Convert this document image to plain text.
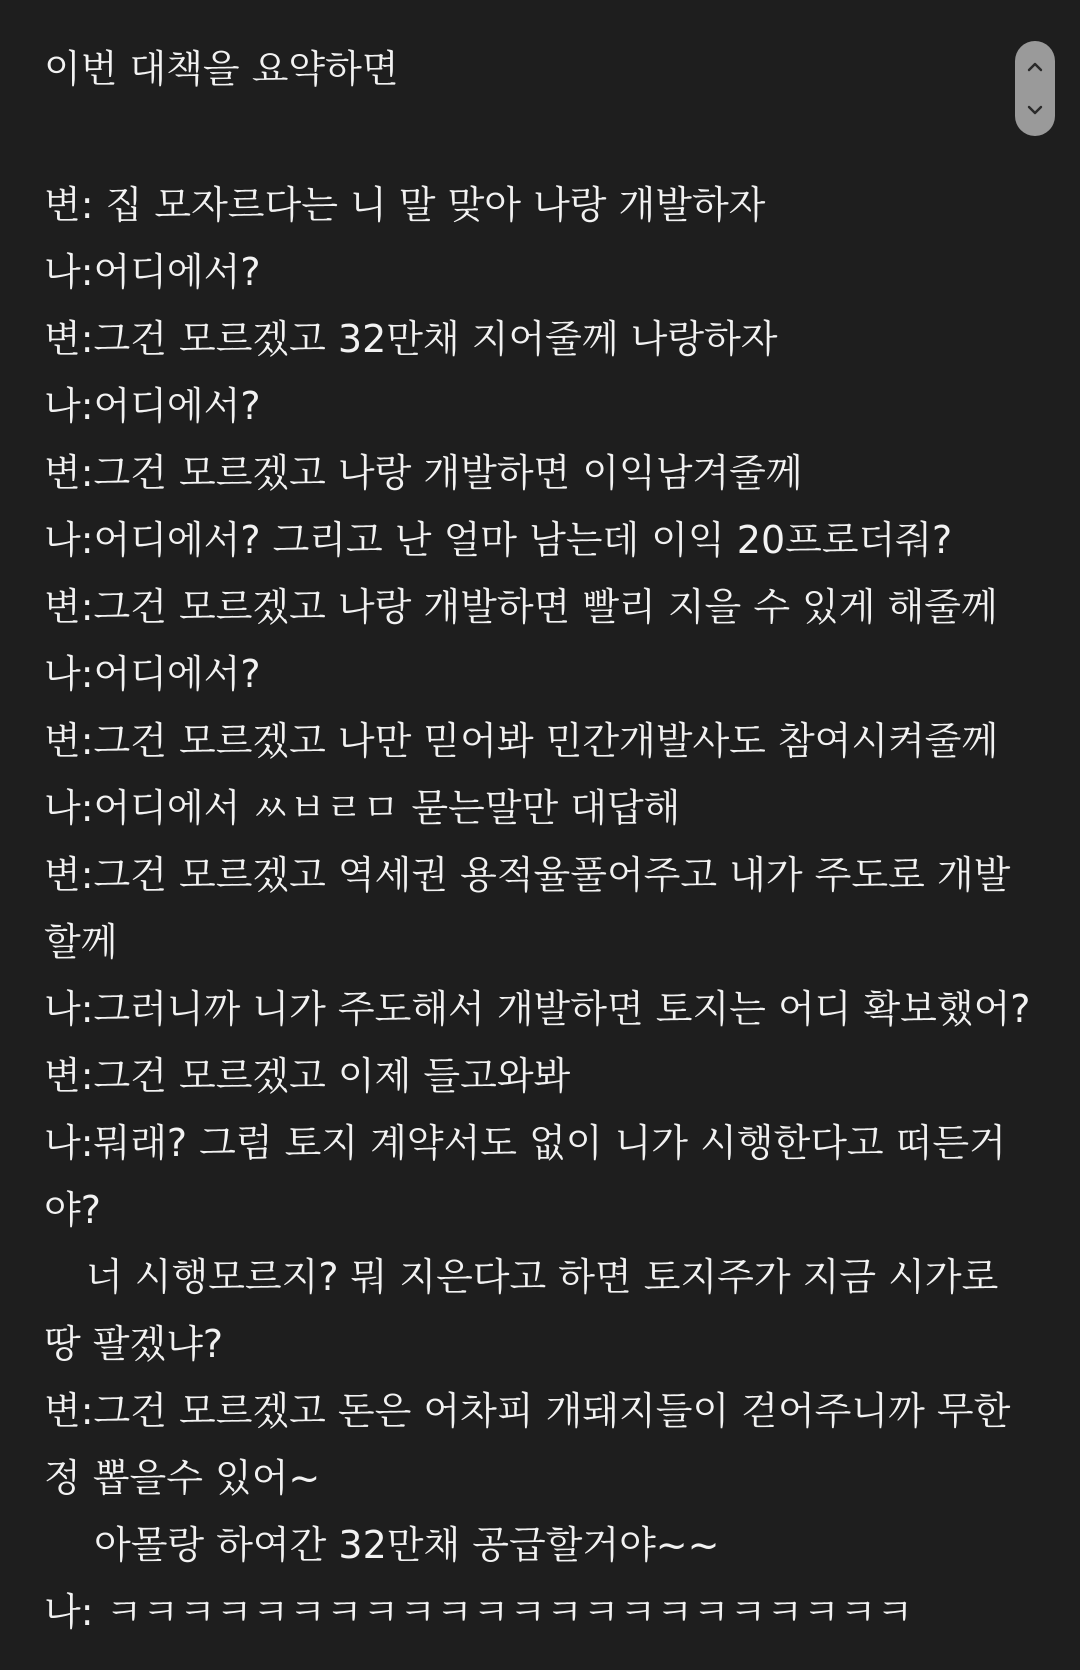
이번 대책을 요약하면
변: 집 모자르다는 니 말 맞아 나랑 개발하자
나:어디에서?
변:그건 모르겠고 32만채 지어줄께 나랑하자
나:어디에서?
변:그건 모르겠고 나랑 개발하면 이익남겨줄께
나:어디에서? 그리고 난 얼마 남는데 이익 20프로더줘?
변:그건 모르겠고 나랑 개발하면 빨리 지을 수 있게 해줄께
나:어디에서?
변:그건 모르겠고 나만 믿어봐 민간개발사도 참여시켜줄께
나:어디에서 ㅆㅂㄹㅁ 묻는말만 대답해
변:그건 모르겠고 역세권 용적율풀어주고 내가 주도로 개발
할께
나:그러니까 니가 주도해서 개발하면 토지는 어디 확보했어?
변:그건 모르겠고 이제 들고와봐
나:뭐래? 그럼 토지 계약서도 없이 니가 시행한다고 떠든거
야?
너 시행모르지? 뭐 지은다고 하면 토지주가 지금 시가로
땅 팔겠냐?
변:그건 모르겠고 돈은 어차피 개돼지들이 걷어주니까 무한
정 뽑을수 있어~
아몰랑 하여간 32만채 공급할거야~~
나: ㅋㅋㅋㅋㅋㅋㅋㅋㅋㅋㅋㅋㅋㅋㅋㅋㅋㅋㅋㅋㅋㅋ
